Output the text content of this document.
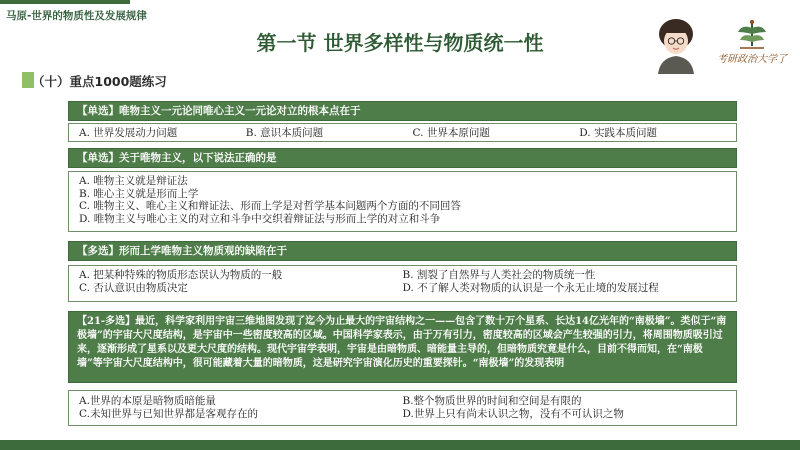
马原-世界的物质性及发展规律
第一节 世界多样性与物质统一性
考研政治大学了
（十）重点1000题练习
【单选】唯物主义一元论同唯心主义一元论对立的根本点在于
A. 世界发展动力问题	B. 意识本质问题	C. 世界本原问题	D. 实践本质问题
【单选】关于唯物主义，以下说法正确的是
A. 唯物主义就是辩证法
B. 唯心主义就是形而上学
C. 唯物主义、唯心主义和辩证法、形而上学是对哲学基本问题两个方面的不同回答
D. 唯物主义与唯心主义的对立和斗争中交织着辩证法与形而上学的对立和斗争
【多选】形而上学唯物主义物质观的缺陷在于
A. 把某种特殊的物质形态误认为物质的一般	B. 割裂了自然界与人类社会的物质统一性
C. 否认意识由物质决定	D. 不了解人类对物质的认识是一个永无止境的发展过程
【21-多选】最近，科学家利用宇宙三维地图发现了迄今为止最大的宇宙结构之一——包含了数十万个星系、长达14亿光年的“南极墙”。类似于“南极墙”的宇宙大尺度结构，是宇宙中一些密度较高的区域。中国科学家表示，由于万有引力，密度较高的区域会产生较强的引力，将周围物质吸引过来，逐渐形成了星系以及更大尺度的结构。现代宇宙学表明，宇宙是由暗物质、暗能量主导的，但暗物质究竟是什么，目前不得而知，在“南极墙”等宇宙大尺度结构中，很可能藏着大量的暗物质，这是研究宇宙演化历史的重要探针。“南极墙”的发现表明
A.世界的本原是暗物质暗能量	B.整个物质世界的时间和空间是有限的
C.未知世界与已知世界都是客观存在的	D.世界上只有尚未认识之物，没有不可认识之物
